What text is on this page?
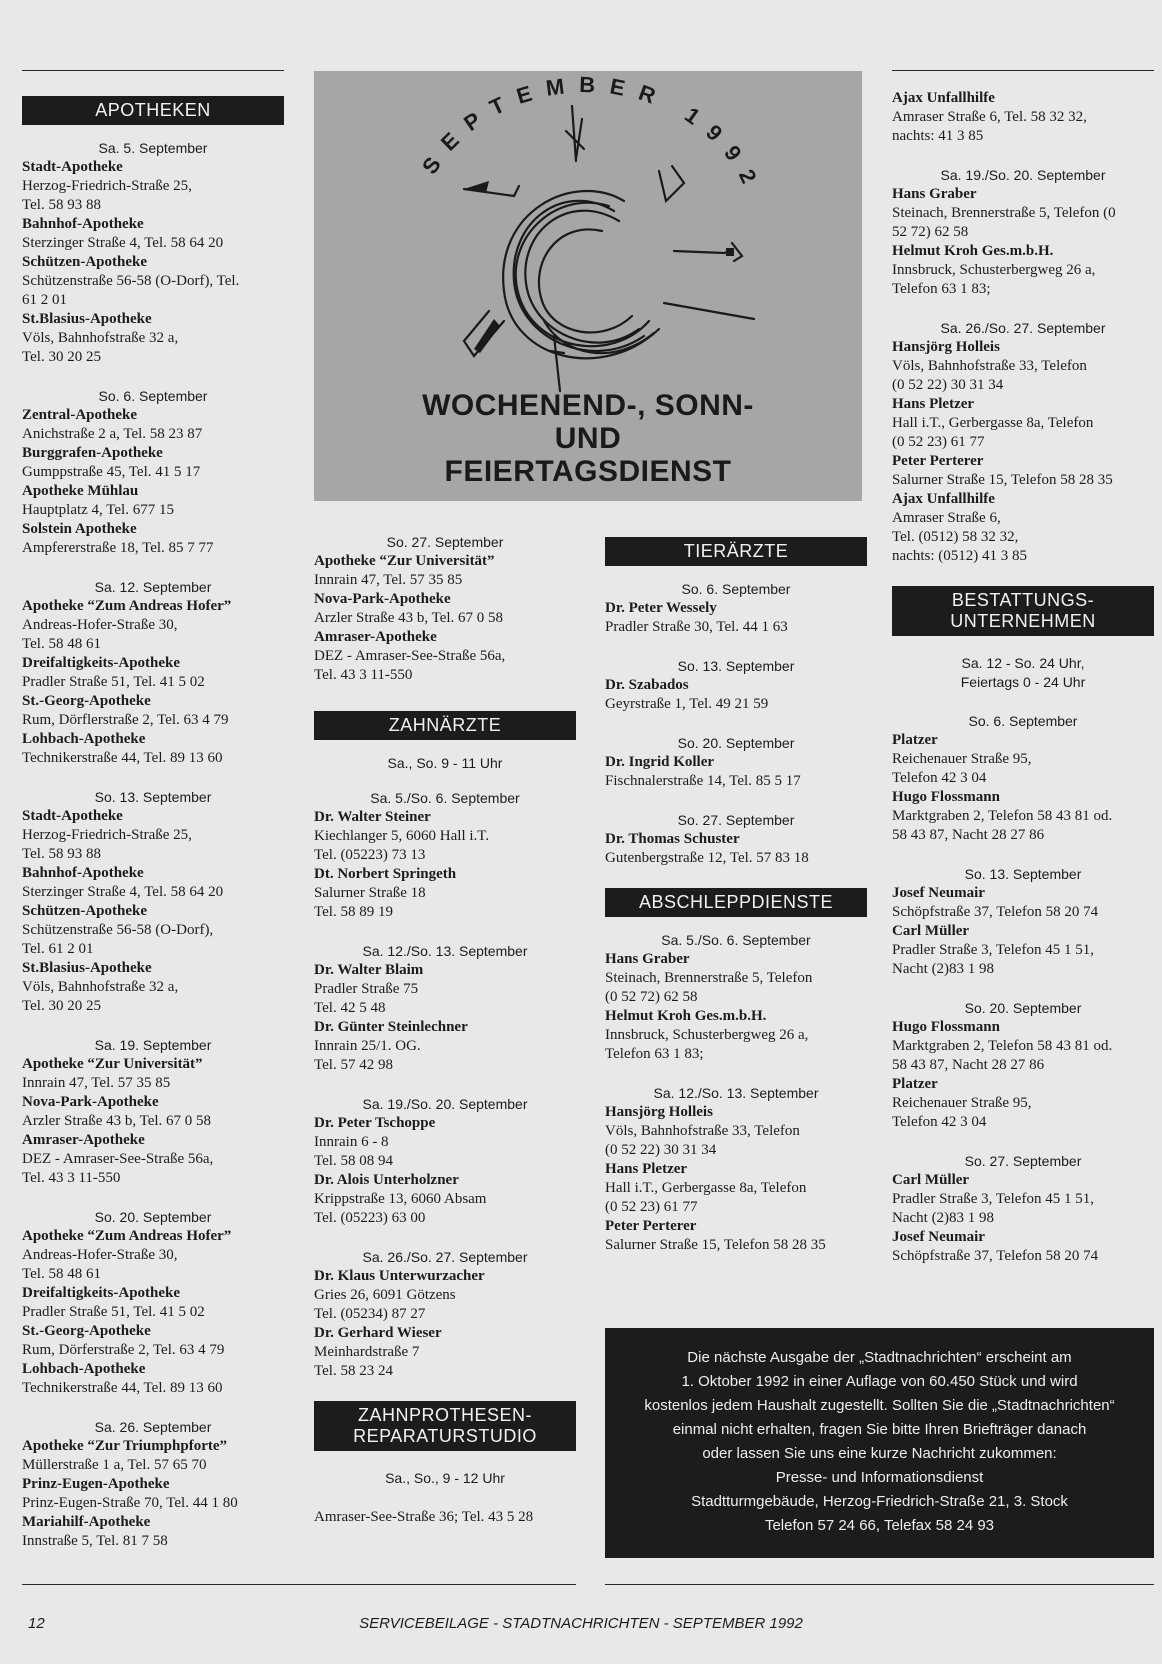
APOTHEKEN
Sa. 5. September
Stadt-Apotheke
Herzog-Friedrich-Straße 25,
Tel. 58 93 88
Bahnhof-Apotheke
Sterzinger Straße 4, Tel. 58 64 20
Schützen-Apotheke
Schützenstraße 56-58 (O-Dorf), Tel.
61 2 01
St.Blasius-Apotheke
Völs, Bahnhofstraße 32 a,
Tel. 30 20 25
So. 6. September
Zentral-Apotheke
Anichstraße 2 a, Tel. 58 23 87
Burggrafen-Apotheke
Gumppstraße 45, Tel. 41 5 17
Apotheke Mühlau
Hauptplatz 4, Tel. 677 15
Solstein Apotheke
Ampfererstraße 18, Tel. 85 7 77
Sa. 12. September
Apotheke “Zum Andreas Hofer”
Andreas-Hofer-Straße 30,
Tel. 58 48 61
Dreifaltigkeits-Apotheke
Pradler Straße 51, Tel. 41 5 02
St.-Georg-Apotheke
Rum, Dörflerstraße 2, Tel. 63 4 79
Lohbach-Apotheke
Technikerstraße 44, Tel. 89 13 60
So. 13. September
Stadt-Apotheke
Herzog-Friedrich-Straße 25,
Tel. 58 93 88
Bahnhof-Apotheke
Sterzinger Straße 4, Tel. 58 64 20
Schützen-Apotheke
Schützenstraße 56-58 (O-Dorf),
Tel. 61 2 01
St.Blasius-Apotheke
Völs, Bahnhofstraße 32 a,
Tel. 30 20 25
Sa. 19. September
Apotheke “Zur Universität”
Innrain 47, Tel. 57 35 85
Nova-Park-Apotheke
Arzler Straße 43 b, Tel. 67 0 58
Amraser-Apotheke
DEZ - Amraser-See-Straße 56a,
Tel. 43 3 11-550
So. 20. September
Apotheke “Zum Andreas Hofer”
Andreas-Hofer-Straße 30,
Tel. 58 48 61
Dreifaltigkeits-Apotheke
Pradler Straße 51, Tel. 41 5 02
St.-Georg-Apotheke
Rum, Dörferstraße 2, Tel. 63 4 79
Lohbach-Apotheke
Technikerstraße 44, Tel. 89 13 60
Sa. 26. September
Apotheke “Zur Triumphpforte”
Müllerstraße 1 a, Tel. 57 65 70
Prinz-Eugen-Apotheke
Prinz-Eugen-Straße 70, Tel. 44 1 80
Mariahilf-Apotheke
Innstraße 5, Tel. 81 7 58
SEPTEMBER 1992
WOCHENEND-, SONN-
UND
FEIERTAGSDIENST
So. 27. September
Apotheke “Zur Universität”
Innrain 47, Tel. 57 35 85
Nova-Park-Apotheke
Arzler Straße 43 b, Tel. 67 0 58
Amraser-Apotheke
DEZ - Amraser-See-Straße 56a,
Tel. 43 3 11-550
ZAHNÄRZTE
Sa., So. 9 - 11 Uhr
Sa. 5./So. 6. September
Dr. Walter Steiner
Kiechlanger 5, 6060 Hall i.T.
Tel. (05223) 73 13
Dt. Norbert Springeth
Salurner Straße 18
Tel. 58 89 19
Sa. 12./So. 13. September
Dr. Walter Blaim
Pradler Straße 75
Tel. 42 5 48
Dr. Günter Steinlechner
Innrain 25/1. OG.
Tel. 57 42 98
Sa. 19./So. 20. September
Dr. Peter Tschoppe
Innrain 6 - 8
Tel. 58 08 94
Dr. Alois Unterholzner
Krippstraße 13, 6060 Absam
Tel. (05223) 63 00
Sa. 26./So. 27. September
Dr. Klaus Unterwurzacher
Gries 26, 6091 Götzens
Tel. (05234) 87 27
Dr. Gerhard Wieser
Meinhardstraße 7
Tel. 58 23 24
ZAHNPROTHESEN-
REPARATURSTUDIO
Sa., So., 9 - 12 Uhr
Amraser-See-Straße 36; Tel. 43 5 28
TIERÄRZTE
So. 6. September
Dr. Peter Wessely
Pradler Straße 30, Tel. 44 1 63
So. 13. September
Dr. Szabados
Geyrstraße 1, Tel. 49 21 59
So. 20. September
Dr. Ingrid Koller
Fischnalerstraße 14, Tel. 85 5 17
So. 27. September
Dr. Thomas Schuster
Gutenbergstraße 12, Tel. 57 83 18
ABSCHLEPPDIENSTE
Sa. 5./So. 6. September
Hans Graber
Steinach, Brennerstraße 5, Telefon
(0 52 72) 62 58
Helmut Kroh Ges.m.b.H.
Innsbruck, Schusterbergweg 26 a,
Telefon 63 1 83;
Sa. 12./So. 13. September
Hansjörg Holleis
Völs, Bahnhofstraße 33, Telefon
(0 52 22) 30 31 34
Hans Pletzer
Hall i.T., Gerbergasse 8a, Telefon
(0 52 23) 61 77
Peter Perterer
Salurner Straße 15, Telefon 58 28 35
Ajax Unfallhilfe
Amraser Straße 6, Tel. 58 32 32,
nachts: 41 3 85
Sa. 19./So. 20. September
Hans Graber
Steinach, Brennerstraße 5, Telefon (0
52 72) 62 58
Helmut Kroh Ges.m.b.H.
Innsbruck, Schusterbergweg 26 a,
Telefon 63 1 83;
Sa. 26./So. 27. September
Hansjörg Holleis
Völs, Bahnhofstraße 33, Telefon
(0 52 22) 30 31 34
Hans Pletzer
Hall i.T., Gerbergasse 8a, Telefon
(0 52 23) 61 77
Peter Perterer
Salurner Straße 15, Telefon 58 28 35
Ajax Unfallhilfe
Amraser Straße 6,
Tel. (0512) 58 32 32,
nachts: (0512) 41 3 85
BESTATTUNGS-
UNTERNEHMEN
Sa. 12 - So. 24 Uhr,
Feiertags 0 - 24 Uhr
So. 6. September
Platzer
Reichenauer Straße 95,
Telefon 42 3 04
Hugo Flossmann
Marktgraben 2, Telefon 58 43 81 od.
58 43 87, Nacht 28 27 86
So. 13. September
Josef Neumair
Schöpfstraße 37, Telefon 58 20 74
Carl Müller
Pradler Straße 3, Telefon 45 1 51,
Nacht (2)83 1 98
So. 20. September
Hugo Flossmann
Marktgraben 2, Telefon 58 43 81 od.
58 43 87, Nacht 28 27 86
Platzer
Reichenauer Straße 95,
Telefon 42 3 04
So. 27. September
Carl Müller
Pradler Straße 3, Telefon 45 1 51,
Nacht (2)83 1 98
Josef Neumair
Schöpfstraße 37, Telefon 58 20 74
Die nächste Ausgabe der „Stadtnachrichten“ erscheint am
1. Oktober 1992 in einer Auflage von 60.450 Stück und wird
kostenlos jedem Haushalt zugestellt. Sollten Sie die „Stadtnachrichten“
einmal nicht erhalten, fragen Sie bitte Ihren Briefträger danach
oder lassen Sie uns eine kurze Nachricht zukommen:
Presse- und Informationsdienst
Stadtturmgebäude, Herzog-Friedrich-Straße 21, 3. Stock
Telefon 57 24 66, Telefax 58 24 93
12	SERVICEBEILAGE - STADTNACHRICHTEN - SEPTEMBER 1992
